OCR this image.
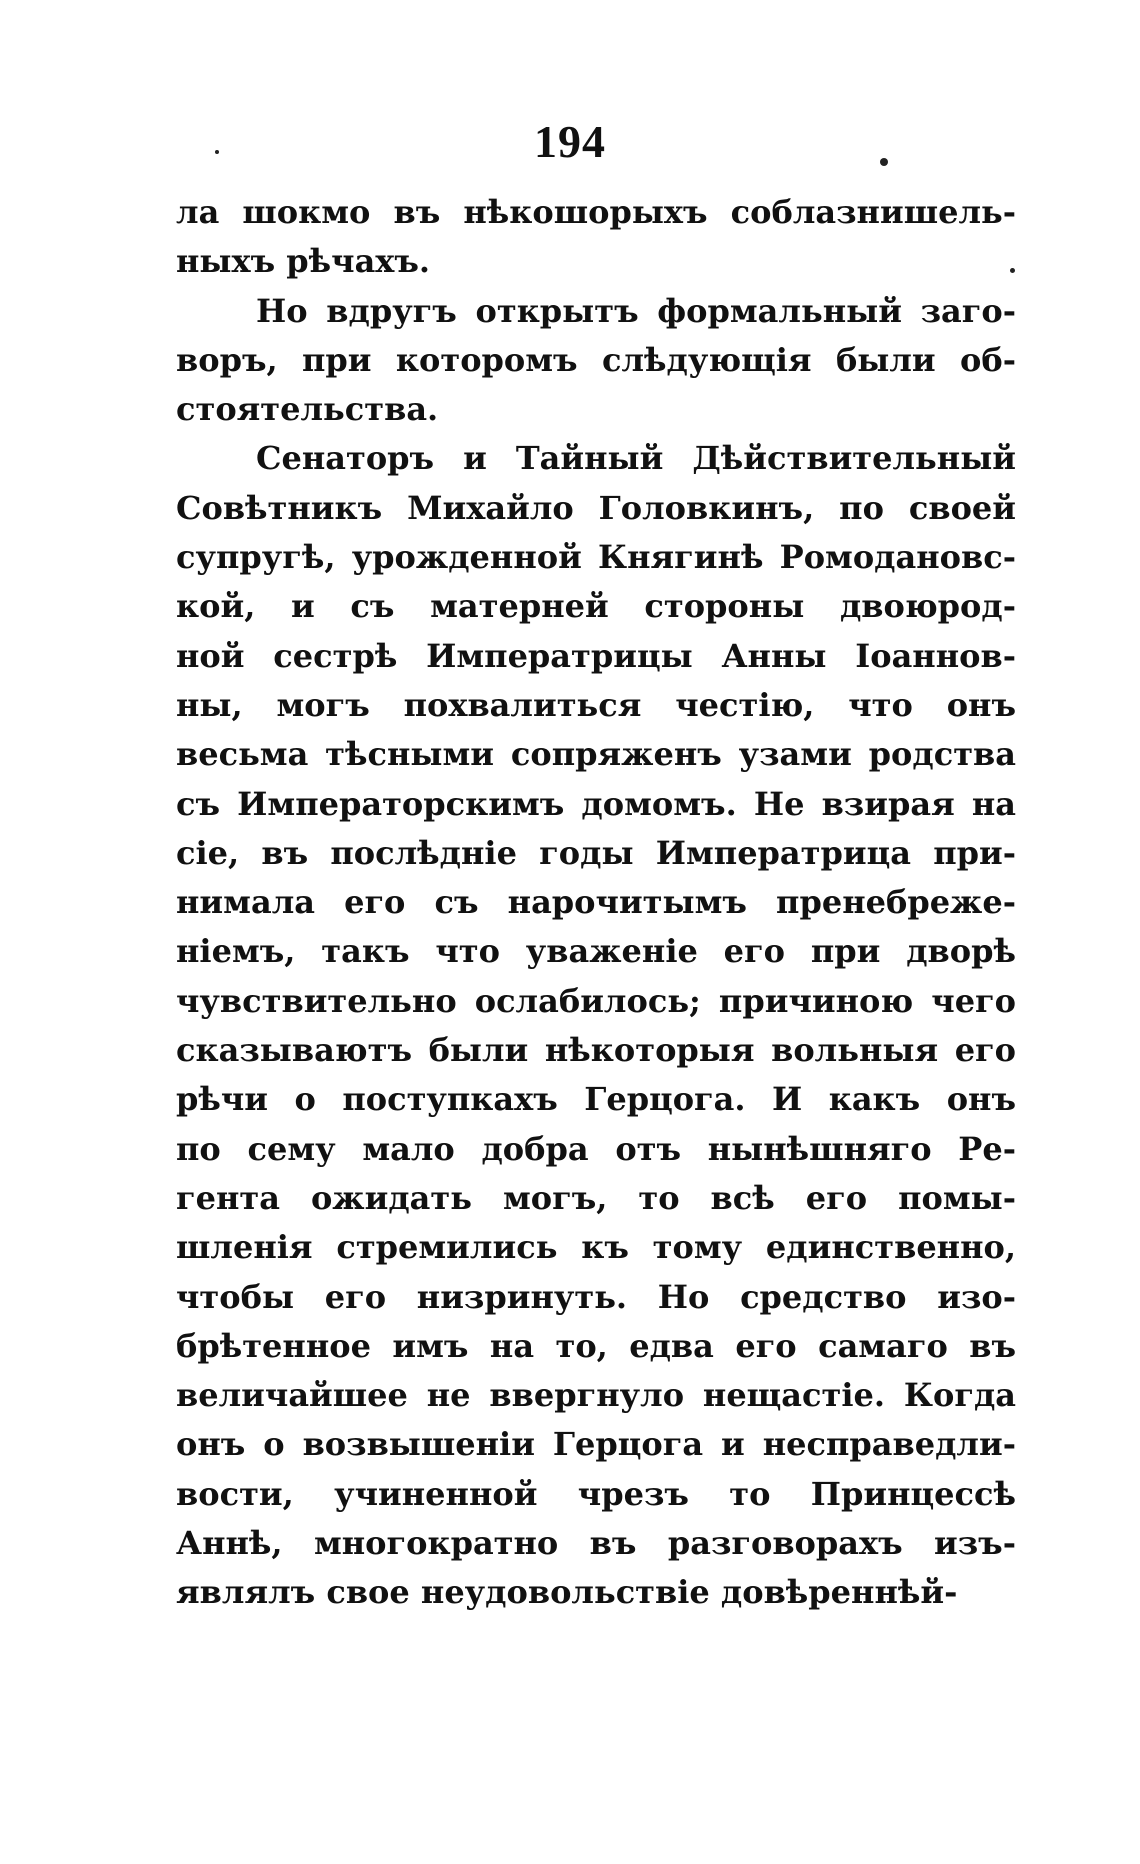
194
ла шокмо въ нѣкошорыхъ соблазнишель-
ныхъ рѣчахъ.
Но вдругъ открытъ формальный заго-
воръ, при которомъ слѣдующія были об-
стоятельства.
Сенаторъ и Тайный Дѣйствительный
Совѣтникъ Михайло Головкинъ, по своей
супругѣ, урожденной Княгинѣ Ромодановс-
кой, и съ матерней стороны двоюрод-
ной сестрѣ Императрицы Анны Іоаннов-
ны, могъ похвалиться честію, что онъ
весьма тѣсными сопряженъ узами родства
съ Императорскимъ домомъ. Не взирая на
сіе, въ послѣдніе годы Императрица при-
нимала его съ нарочитымъ пренебреже-
ніемъ, такъ что уваженіе его при дворѣ
чувствительно ослабилось; причиною чего
сказываютъ были нѣкоторыя вольныя его
рѣчи о поступкахъ Герцога. И какъ онъ
по сему мало добра отъ нынѣшняго Ре-
гента ожидать могъ, то всѣ его помы-
шленія стремились къ тому единственно,
чтобы его низринуть. Но средство изо-
брѣтенное имъ на то, едва его самаго въ
величайшее не ввергнуло нещастіе. Когда
онъ о возвышеніи Герцога и несправедли-
вости, учиненной чрезъ то Принцессѣ
Аннѣ, многократно въ разговорахъ изъ-
являлъ свое неудовольствіе довѣреннѣй-
